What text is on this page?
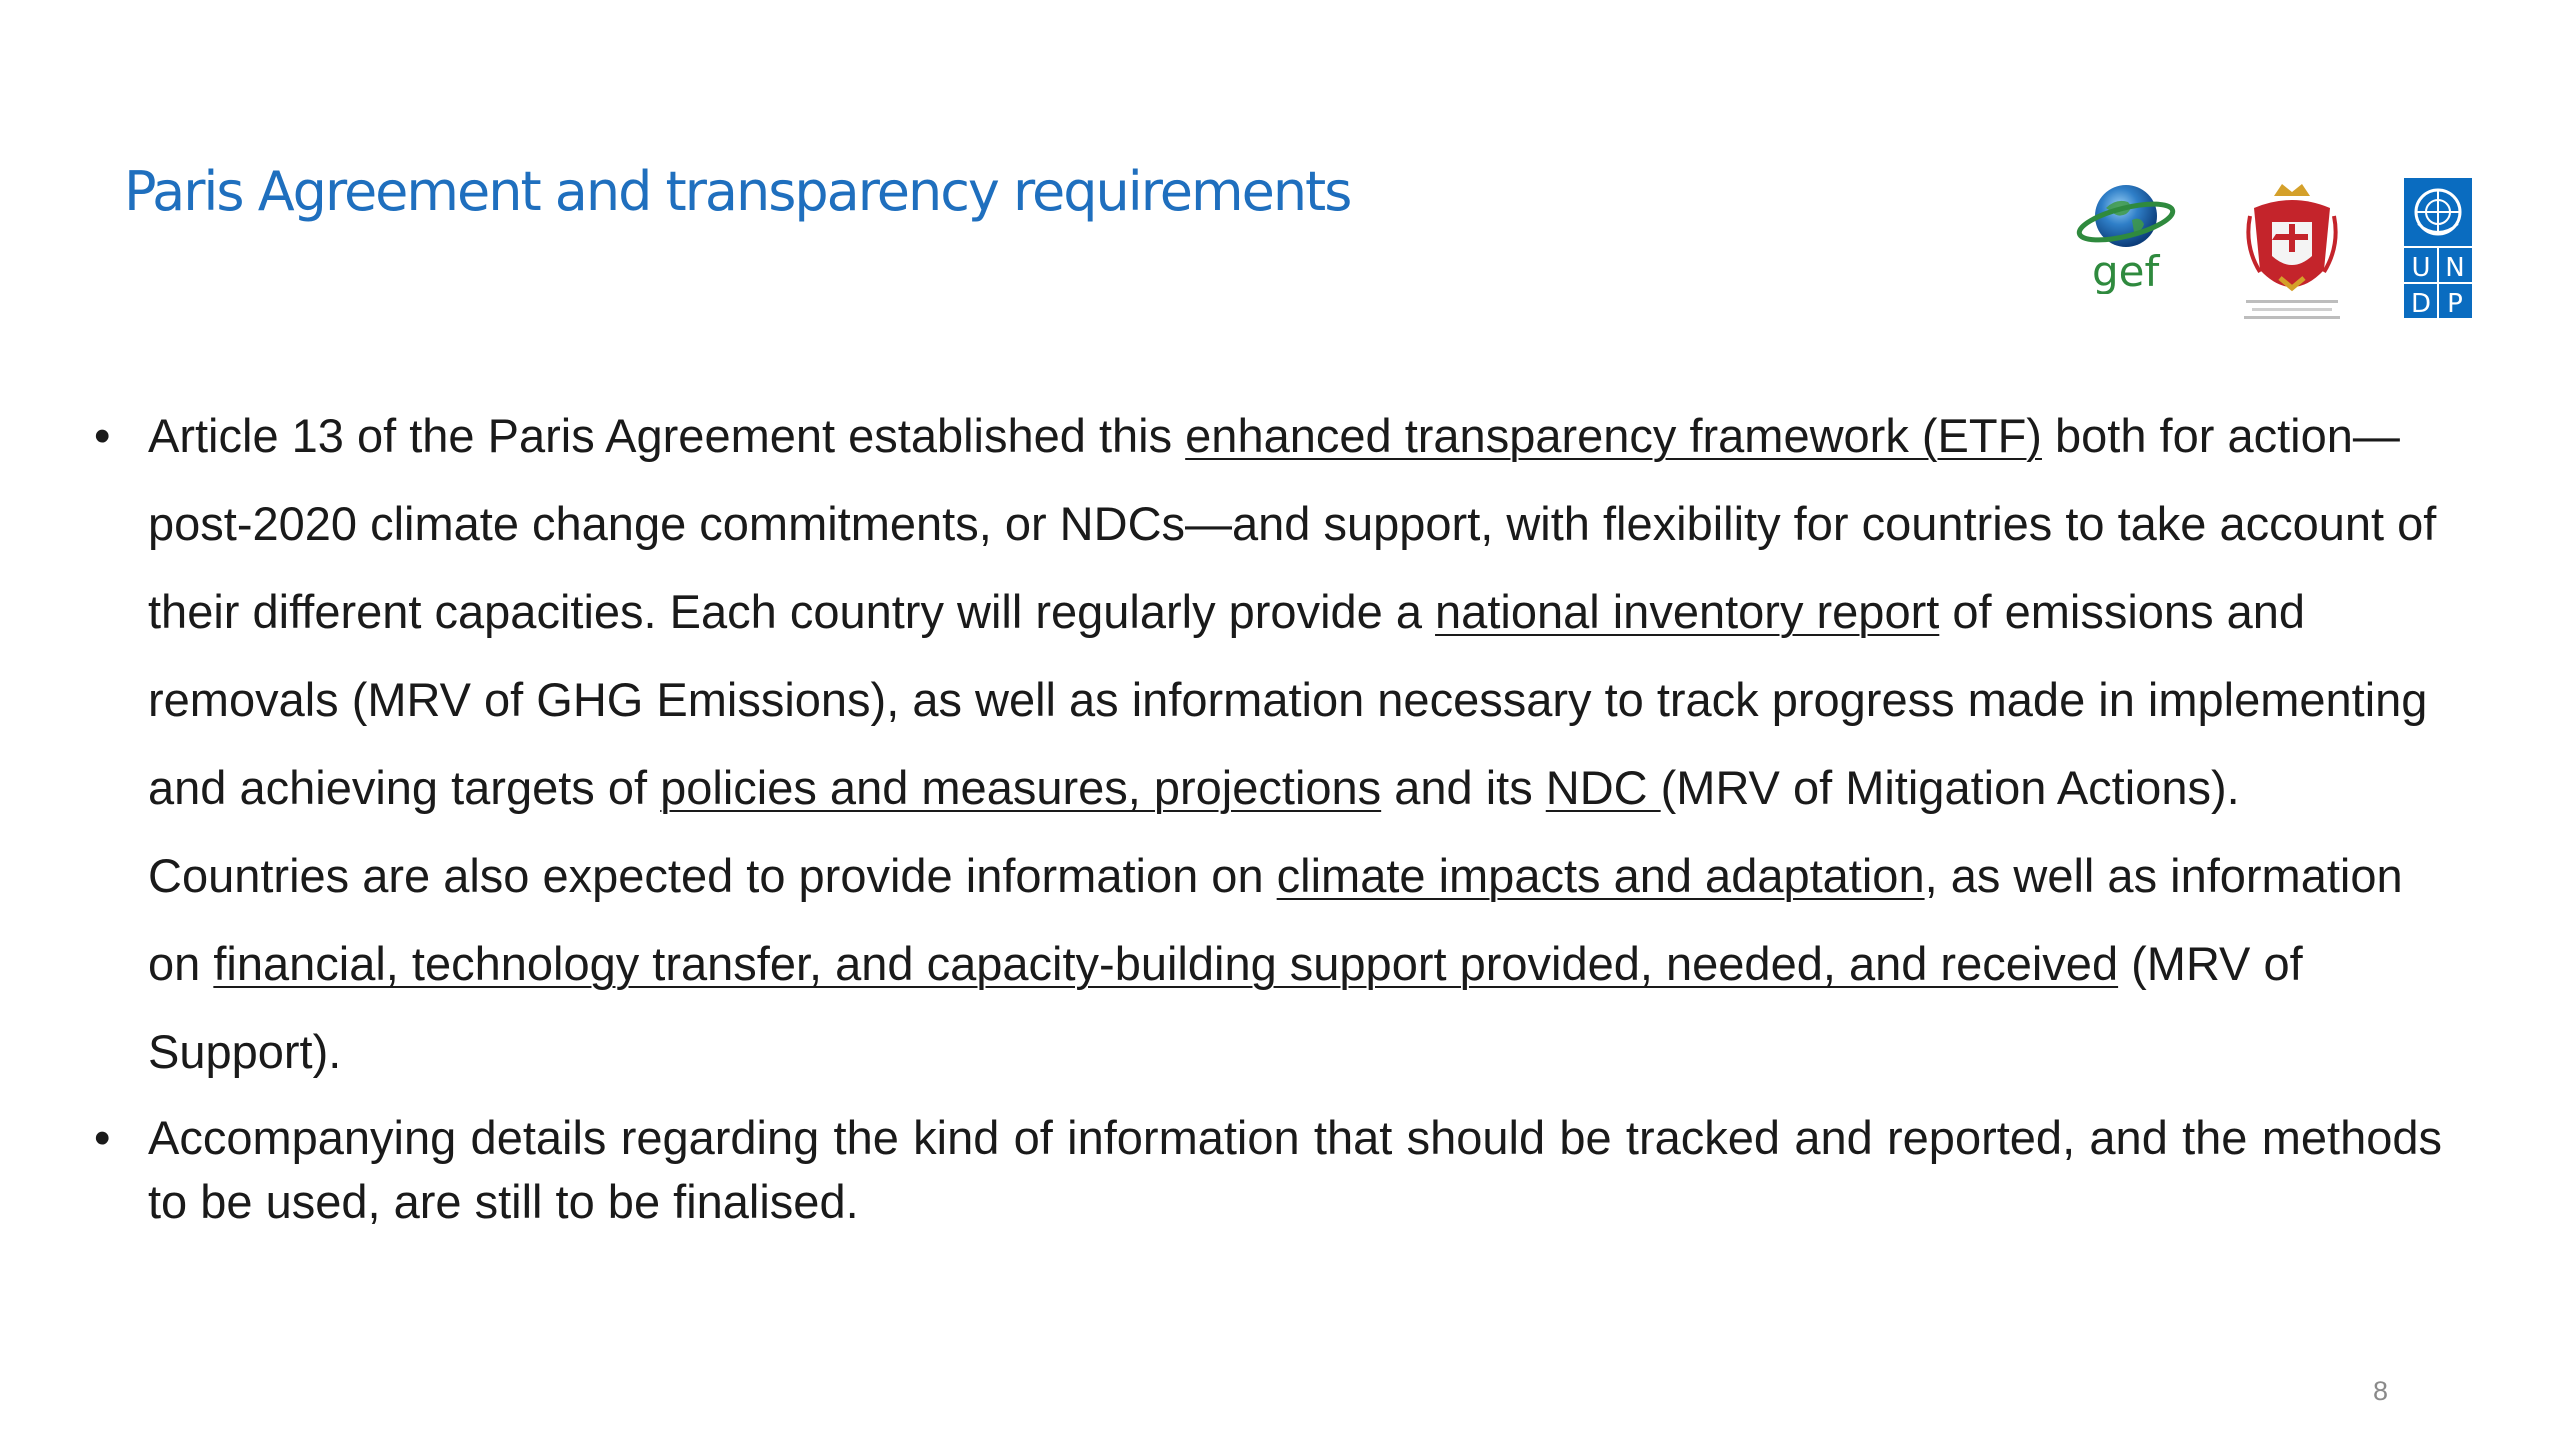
Paris Agreement and transparency requirements
gef	U N
D P
• Article 13 of the Paris Agreement established this enhanced transparency framework (ETF) both for action—post-2020 climate change commitments, or NDCs—and support, with flexibility for countries to take account of their different capacities. Each country will regularly provide a national inventory report of emissions and removals (MRV of GHG Emissions), as well as information necessary to track progress made in implementing and achieving targets of policies and measures, projections and its NDC (MRV of Mitigation Actions). Countries are also expected to provide information on climate impacts and adaptation, as well as information on financial, technology transfer, and capacity-building support provided, needed, and received (MRV of Support).
• Accompanying details regarding the kind of information that should be tracked and reported, and the methods to be used, are still to be finalised.
8
